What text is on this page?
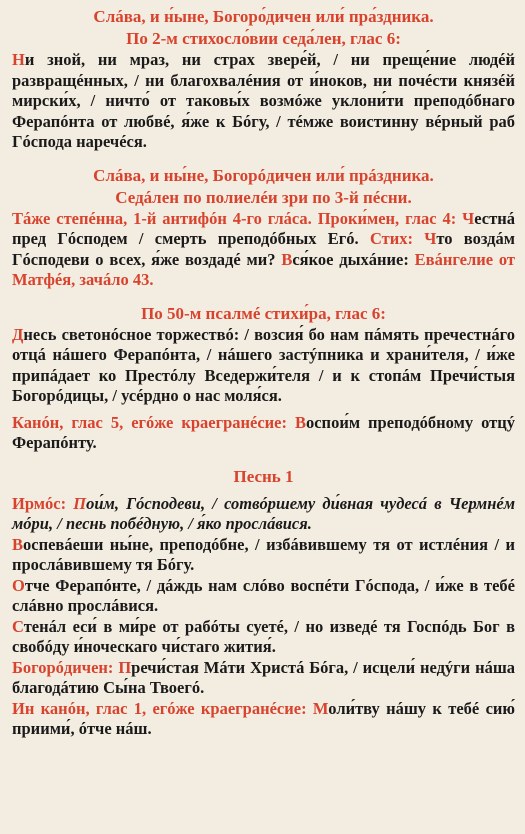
Слáва, и н́ыне, Богоро́дичен или́ пра́здника.

По 2-м стихосло́вии седа́лен, глас 6:

Ни зной, ни мраз, ни страх звере́й, / ни преще́ние людéй развращéнных, / ни благохвалéния от и́ноков, ни почéсти князéй мирски́х, / ничто́ от таковы́х возмóже уклони́ти преподóбнаго Ферапóнта от любвé, я́же к Бóгу, / тéмже воистинну вéрный раб Гóспода наречéся.

Слáва, и ны́не, Богорóдичен или́ прáздника.

Седáлен по полиелéи зри по 3-й пéсни.

Тáже степéнна, 1-й антифóн 4-го глáса. Проки́мен, глас 4: Честнá пред Гóсподем / смерть преподóбных Егó. Стих: Что воздáм Гóсподеви о всех, я́же воздадé ми? Вся́кое дыхáние: Евáнгелие от Матфéя, зачáло 43.

По 50-м псалмé стихи́ра, глас 6:

Днесь светонóсное торжествó: / возсия́ бо нам пáмять пречестнáго отцá нáшего Ферапóнта, / нáшего застýпника и храни́теля, / и́же припáдает ко Престóлу Вседержи́теля / и к стопáм Пречи́стыя Богорóдицы, / усéрдно о нас моля́ся.

Канóн, глас 5, егóже краегранéсие: Воспои́м преподóбному отцý Ферапóнту.

Песнь 1

Ирмóс: Пои́м, Гóсподеви, / сотвóршему ди́вная чудесá в Чермнéм мóри, / песнь побéдную, / я́ко прослáвися.

Воспевáеши ны́не, преподóбне, / избáвившему тя от истлéния / и прослáвившему тя Бóгу.

Отче Ферапóнте, / дáждь нам слóво воспéти Гóспода, / и́же в тебé слáвно прослáвися.

Стенáл еси́ в ми́ре от рабóты суетé, / но изведé тя Госпóдь Бог в свобóду и́ноческаго чи́стаго жития́.

Богорóдичен: Пречи́стая Мáти Христá Бóга, / исцели́ недýги нáша благодáтию Сы́на Твоегó.

Ин канóн, глас 1, егóже краегранéсие: Моли́тву нáшу к тебé сию́ приими́, óтче нáш.
